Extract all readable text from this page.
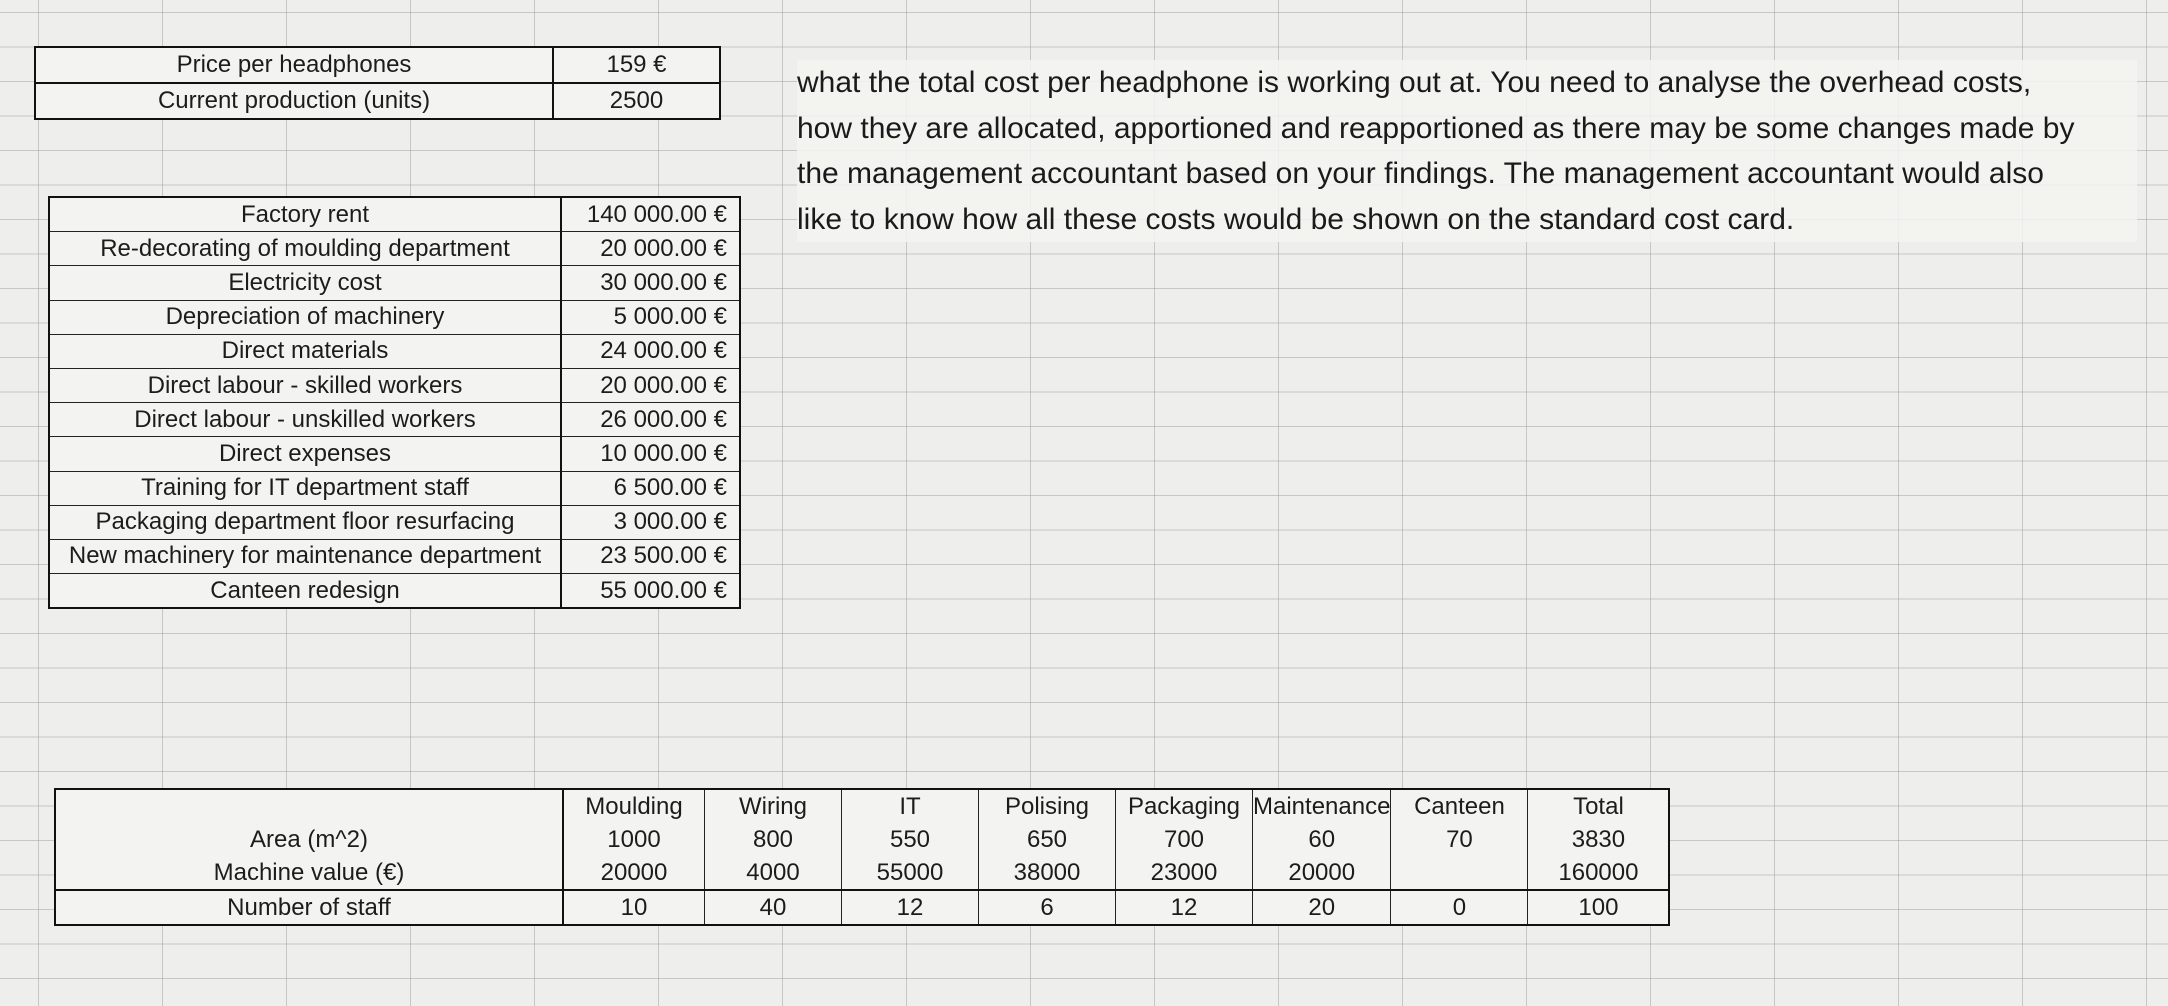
Price per headphones	159 €
Current production (units)	2500
Factory rent	140 000.00 €
Re-decorating of moulding department	20 000.00 €
Electricity cost	30 000.00 €
Depreciation of machinery	5 000.00 €
Direct materials	24 000.00 €
Direct labour - skilled workers	20 000.00 €
Direct labour - unskilled workers	26 000.00 €
Direct expenses	10 000.00 €
Training for IT department staff	6 500.00 €
Packaging department floor resurfacing	3 000.00 €
New machinery for maintenance department	23 500.00 €
Canteen redesign	55 000.00 €

what the total cost per headphone is working out at. You need to analyse the overhead costs,
how they are allocated, apportioned and reapportioned as there may be some changes made by
the management accountant based on your findings. The management accountant would also
like to know how all these costs would be shown on the standard cost card.

	Moulding	Wiring	IT	Polising	Packaging	Maintenance	Canteen	Total
Area (m^2)	1000	800	550	650	700	60	70	3830
Machine value (€)	20000	4000	55000	38000	23000	20000		160000
Number of staff	10	40	12	6	12	20	0	100
